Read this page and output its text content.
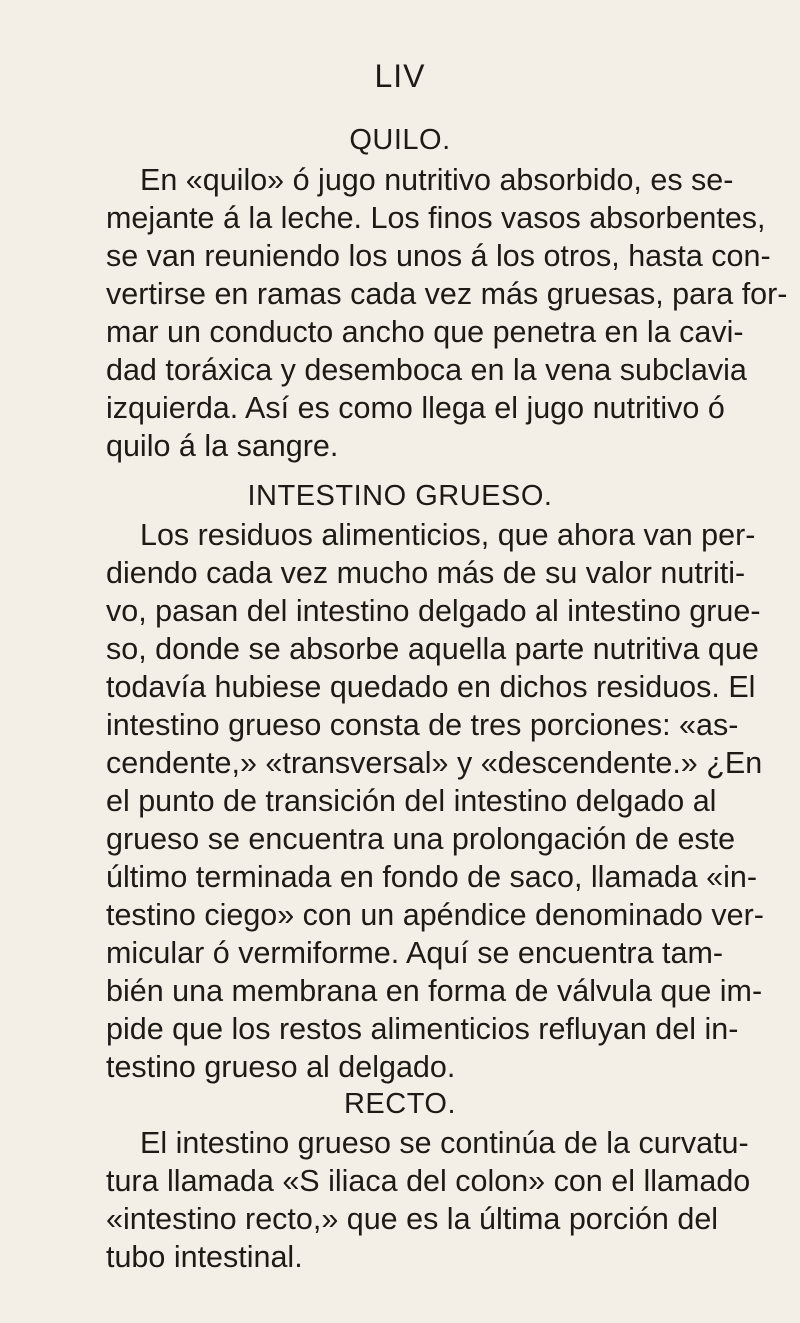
LIV
QUILO.
En «quilo» ó jugo nutritivo absorbido, es se-
mejante á la leche. Los finos vasos absorbentes,
se van reuniendo los unos á los otros, hasta con-
vertirse en ramas cada vez más gruesas, para for-
mar un conducto ancho que penetra en la cavi-
dad toráxica y desemboca en la vena subclavia
izquierda. Así es como llega el jugo nutritivo ó
quilo á la sangre.
INTESTINO GRUESO.
Los residuos alimenticios, que ahora van per-
diendo cada vez mucho más de su valor nutriti-
vo, pasan del intestino delgado al intestino grue-
so, donde se absorbe aquella parte nutritiva que
todavía hubiese quedado en dichos residuos. El
intestino grueso consta de tres porciones: «as-
cendente,» «transversal» y «descendente.» ¿En
el punto de transición del intestino delgado al
grueso se encuentra una prolongación de este
último terminada en fondo de saco, llamada «in-
testino ciego» con un apéndice denominado ver-
micular ó vermiforme. Aquí se encuentra tam-
bién una membrana en forma de válvula que im-
pide que los restos alimenticios refluyan del in-
testino grueso al delgado.
RECTO.
El intestino grueso se continúa de la curvatu-
tura llamada «S iliaca del colon» con el llamado
«intestino recto,» que es la última porción del
tubo intestinal.
